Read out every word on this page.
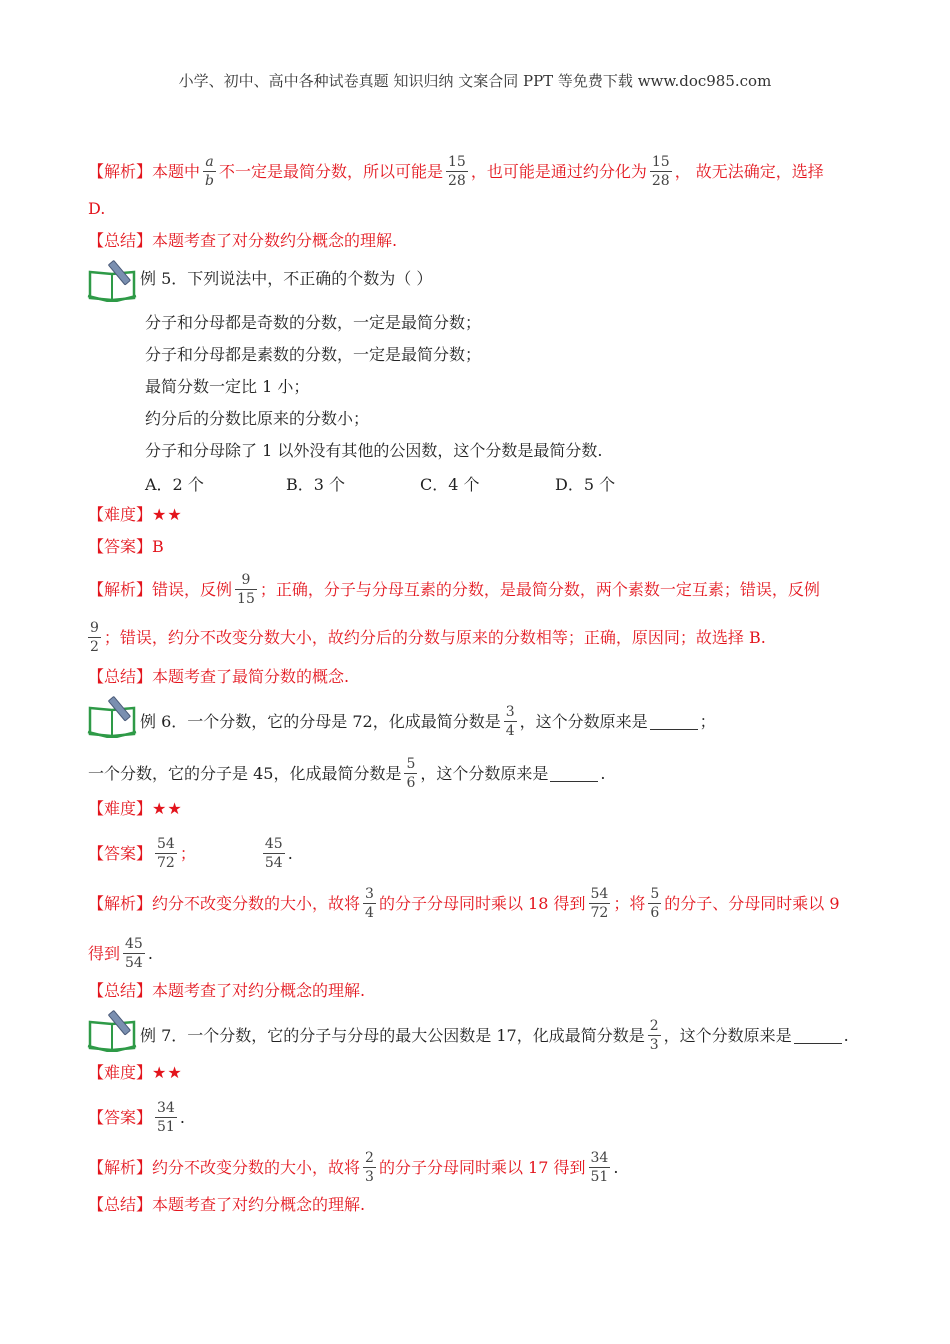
小学、初中、高中各种试卷真题 知识归纳 文案合同 PPT 等免费下载 www.doc985.com
【解析】 本题中 $\frac{a}{b}$ 不一定是最简分数，所以可能是 $\frac{15}{28}$ ，也可能是通过约分化为 $\frac{15}{28}$ ， 故无法确定，选择
D.
【总结】 本题考查了对分数约分概念的理解.
例 5．下列说法中，不正确的个数为（ ）
分子和分母都是奇数的分数，一定是最简分数；
分子和分母都是素数的分数，一定是最简分数；
最简分数一定比 1 小；
约分后的分数比原来的分数小；
分子和分母除了 1 以外没有其他的公因数，这个分数是最简分数.
A．2 个	B．3 个	C．4 个	D．5 个
【难度】 ★★
【答案】 B
【解析】 错误，反例 $\frac{9}{15}$ ；正确，分子与分母互素的分数，是最简分数，两个素数一定互素；错误，反例
$\frac{9}{2}$ ；错误，约分不改变分数大小，故约分后的分数与原来的分数相等；正确，原因同；故选择 B.
【总结】 本题考查了最简分数的概念.
例 6．一个分数，它的分母是 72，化成最简分数是 $\frac{3}{4}$ ，这个分数原来是	；
一个分数，它的分子是 45，化成最简分数是 $\frac{5}{6}$ ，这个分数原来是	.
【难度】 ★★
【答案】 $\frac{54}{72}$ ；	$\frac{45}{54}$ .
【解析】 约分不改变分数的大小，故将 $\frac{3}{4}$ 的分子分母同时乘以 18 得到 $\frac{54}{72}$ ；将 $\frac{5}{6}$ 的分子、分母同时乘以 9
得到 $\frac{45}{54}$ .
【总结】 本题考查了对约分概念的理解.
例 7．一个分数，它的分子与分母的最大公因数是 17，化成最简分数是 $\frac{2}{3}$ ，这个分数原来是	.
【难度】 ★★
【答案】 $\frac{34}{51}$ .
【解析】 约分不改变分数的大小，故将 $\frac{2}{3}$ 的分子分母同时乘以 17 得到 $\frac{34}{51}$ .
【总结】 本题考查了对约分概念的理解.
